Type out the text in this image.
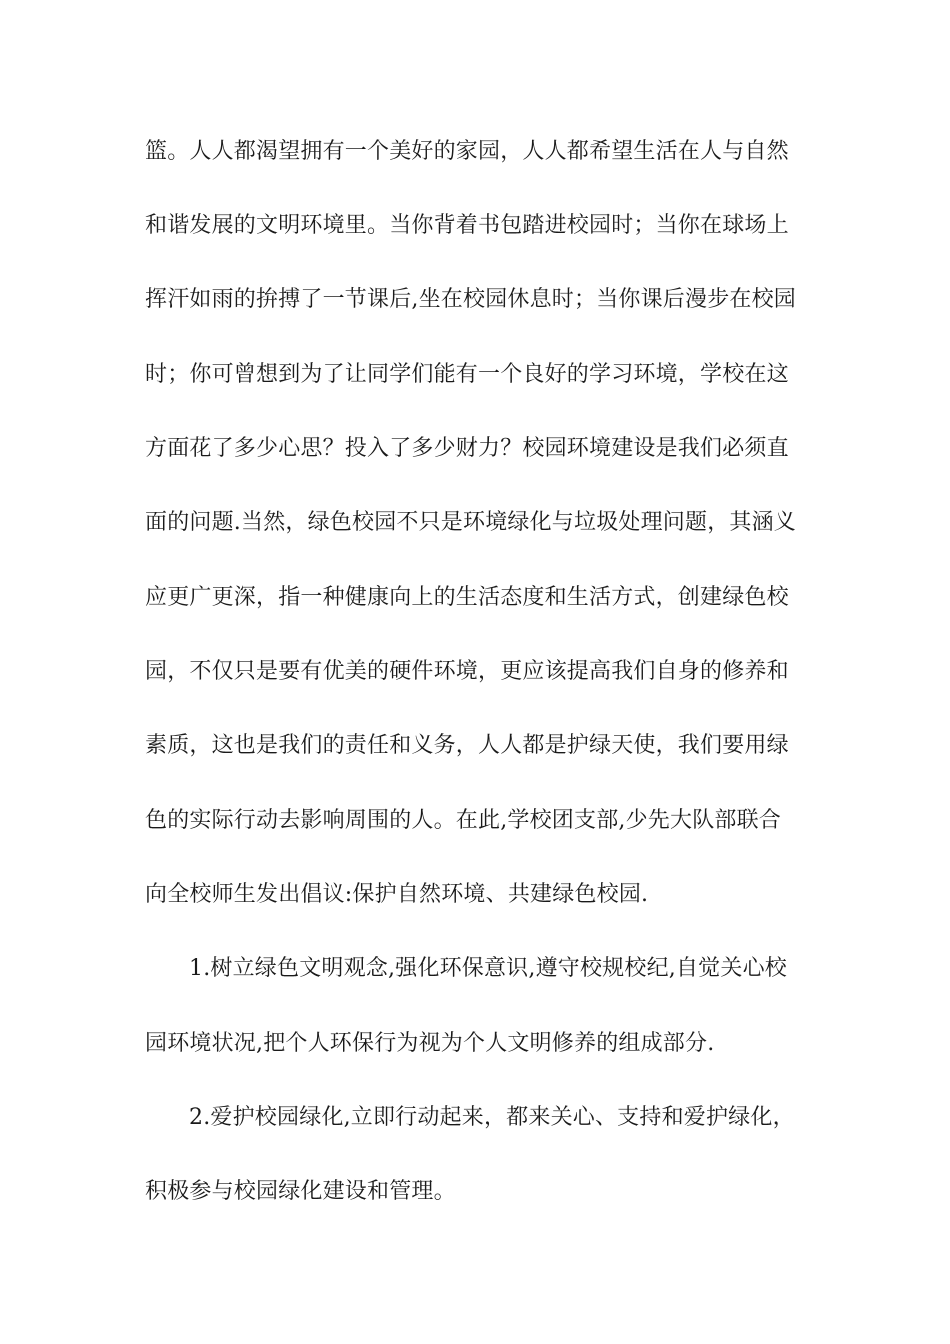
篮。人人都渴望拥有一个美好的家园，人人都希望生活在人与自然
和谐发展的文明环境里。当你背着书包踏进校园时；当你在球场上
挥汗如雨的拚搏了一节课后,坐在校园休息时；当你课后漫步在校园
时；你可曾想到为了让同学们能有一个良好的学习环境，学校在这
方面花了多少心思？投入了多少财力？校园环境建设是我们必须直
面的问题.当然，绿色校园不只是环境绿化与垃圾处理问题，其涵义
应更广更深，指一种健康向上的生活态度和生活方式，创建绿色校
园，不仅只是要有优美的硬件环境，更应该提高我们自身的修养和
素质，这也是我们的责任和义务，人人都是护绿天使，我们要用绿
色的实际行动去影响周围的人。在此,学校团支部,少先大队部联合
向全校师生发出倡议:保护自然环境、共建绿色校园.
1.树立绿色文明观念,强化环保意识,遵守校规校纪,自觉关心校
园环境状况,把个人环保行为视为个人文明修养的组成部分.
2.爱护校园绿化,立即行动起来，都来关心、支持和爱护绿化，
积极参与校园绿化建设和管理。
